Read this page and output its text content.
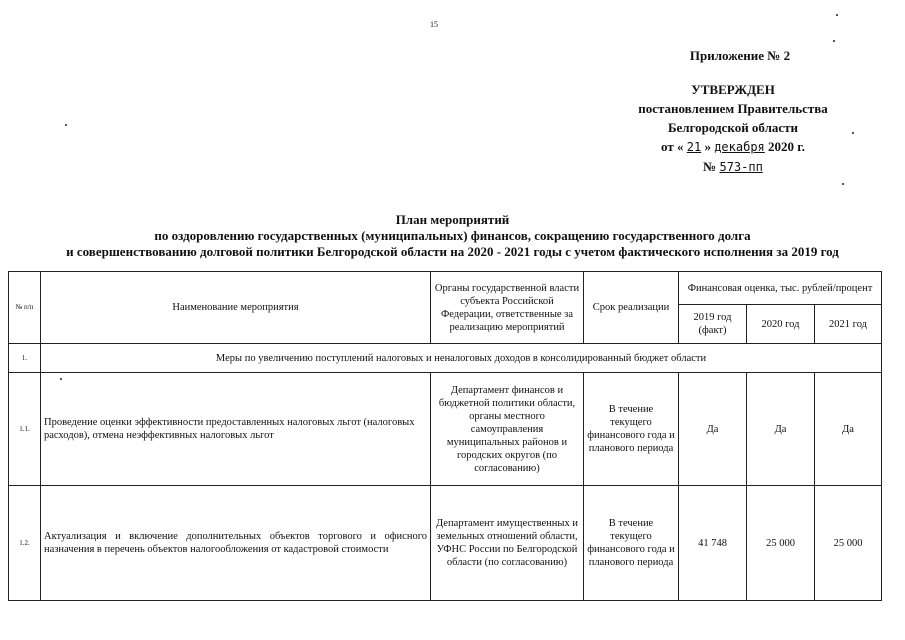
15
Приложение № 2
УТВЕРЖДЕН
постановлением Правительства
Белгородской области
от « 21 » декабря 2020 г.
№ 573-пп
План мероприятий
по оздоровлению государственных (муниципальных) финансов, сокращению государственного долга
и совершенствованию долговой политики Белгородской области на 2020 - 2021 годы с учетом фактического исполнения за 2019 год
№ п/п	Наименование мероприятия	Органы государственной власти субъекта Российской Федерации, ответственные за реализацию мероприятий	Срок реализации	Финансовая оценка, тыс. рублей/процент		
				2019 год (факт)	2020 год	2021 год
1.	Меры по увеличению поступлений налоговых и неналоговых доходов в консолидированный бюджет области					
1.1.	Проведение оценки эффективности предоставленных налоговых льгот (налоговых расходов), отмена неэффективных налоговых льгот	Департамент финансов и бюджетной политики области, органы местного самоуправления муниципальных районов и городских округов (по согласованию)	В течение текущего финансового года и планового периода	Да	Да	Да
1.2.	Актуализация и включение дополнительных объектов торгового и офисного назначения в перечень объектов налогообложения от кадастровой стоимости	Департамент имущественных и земельных отношений области, УФНС России по Белгородской области (по согласованию)	В течение текущего финансового года и планового периода	41 748	25 000	25 000
